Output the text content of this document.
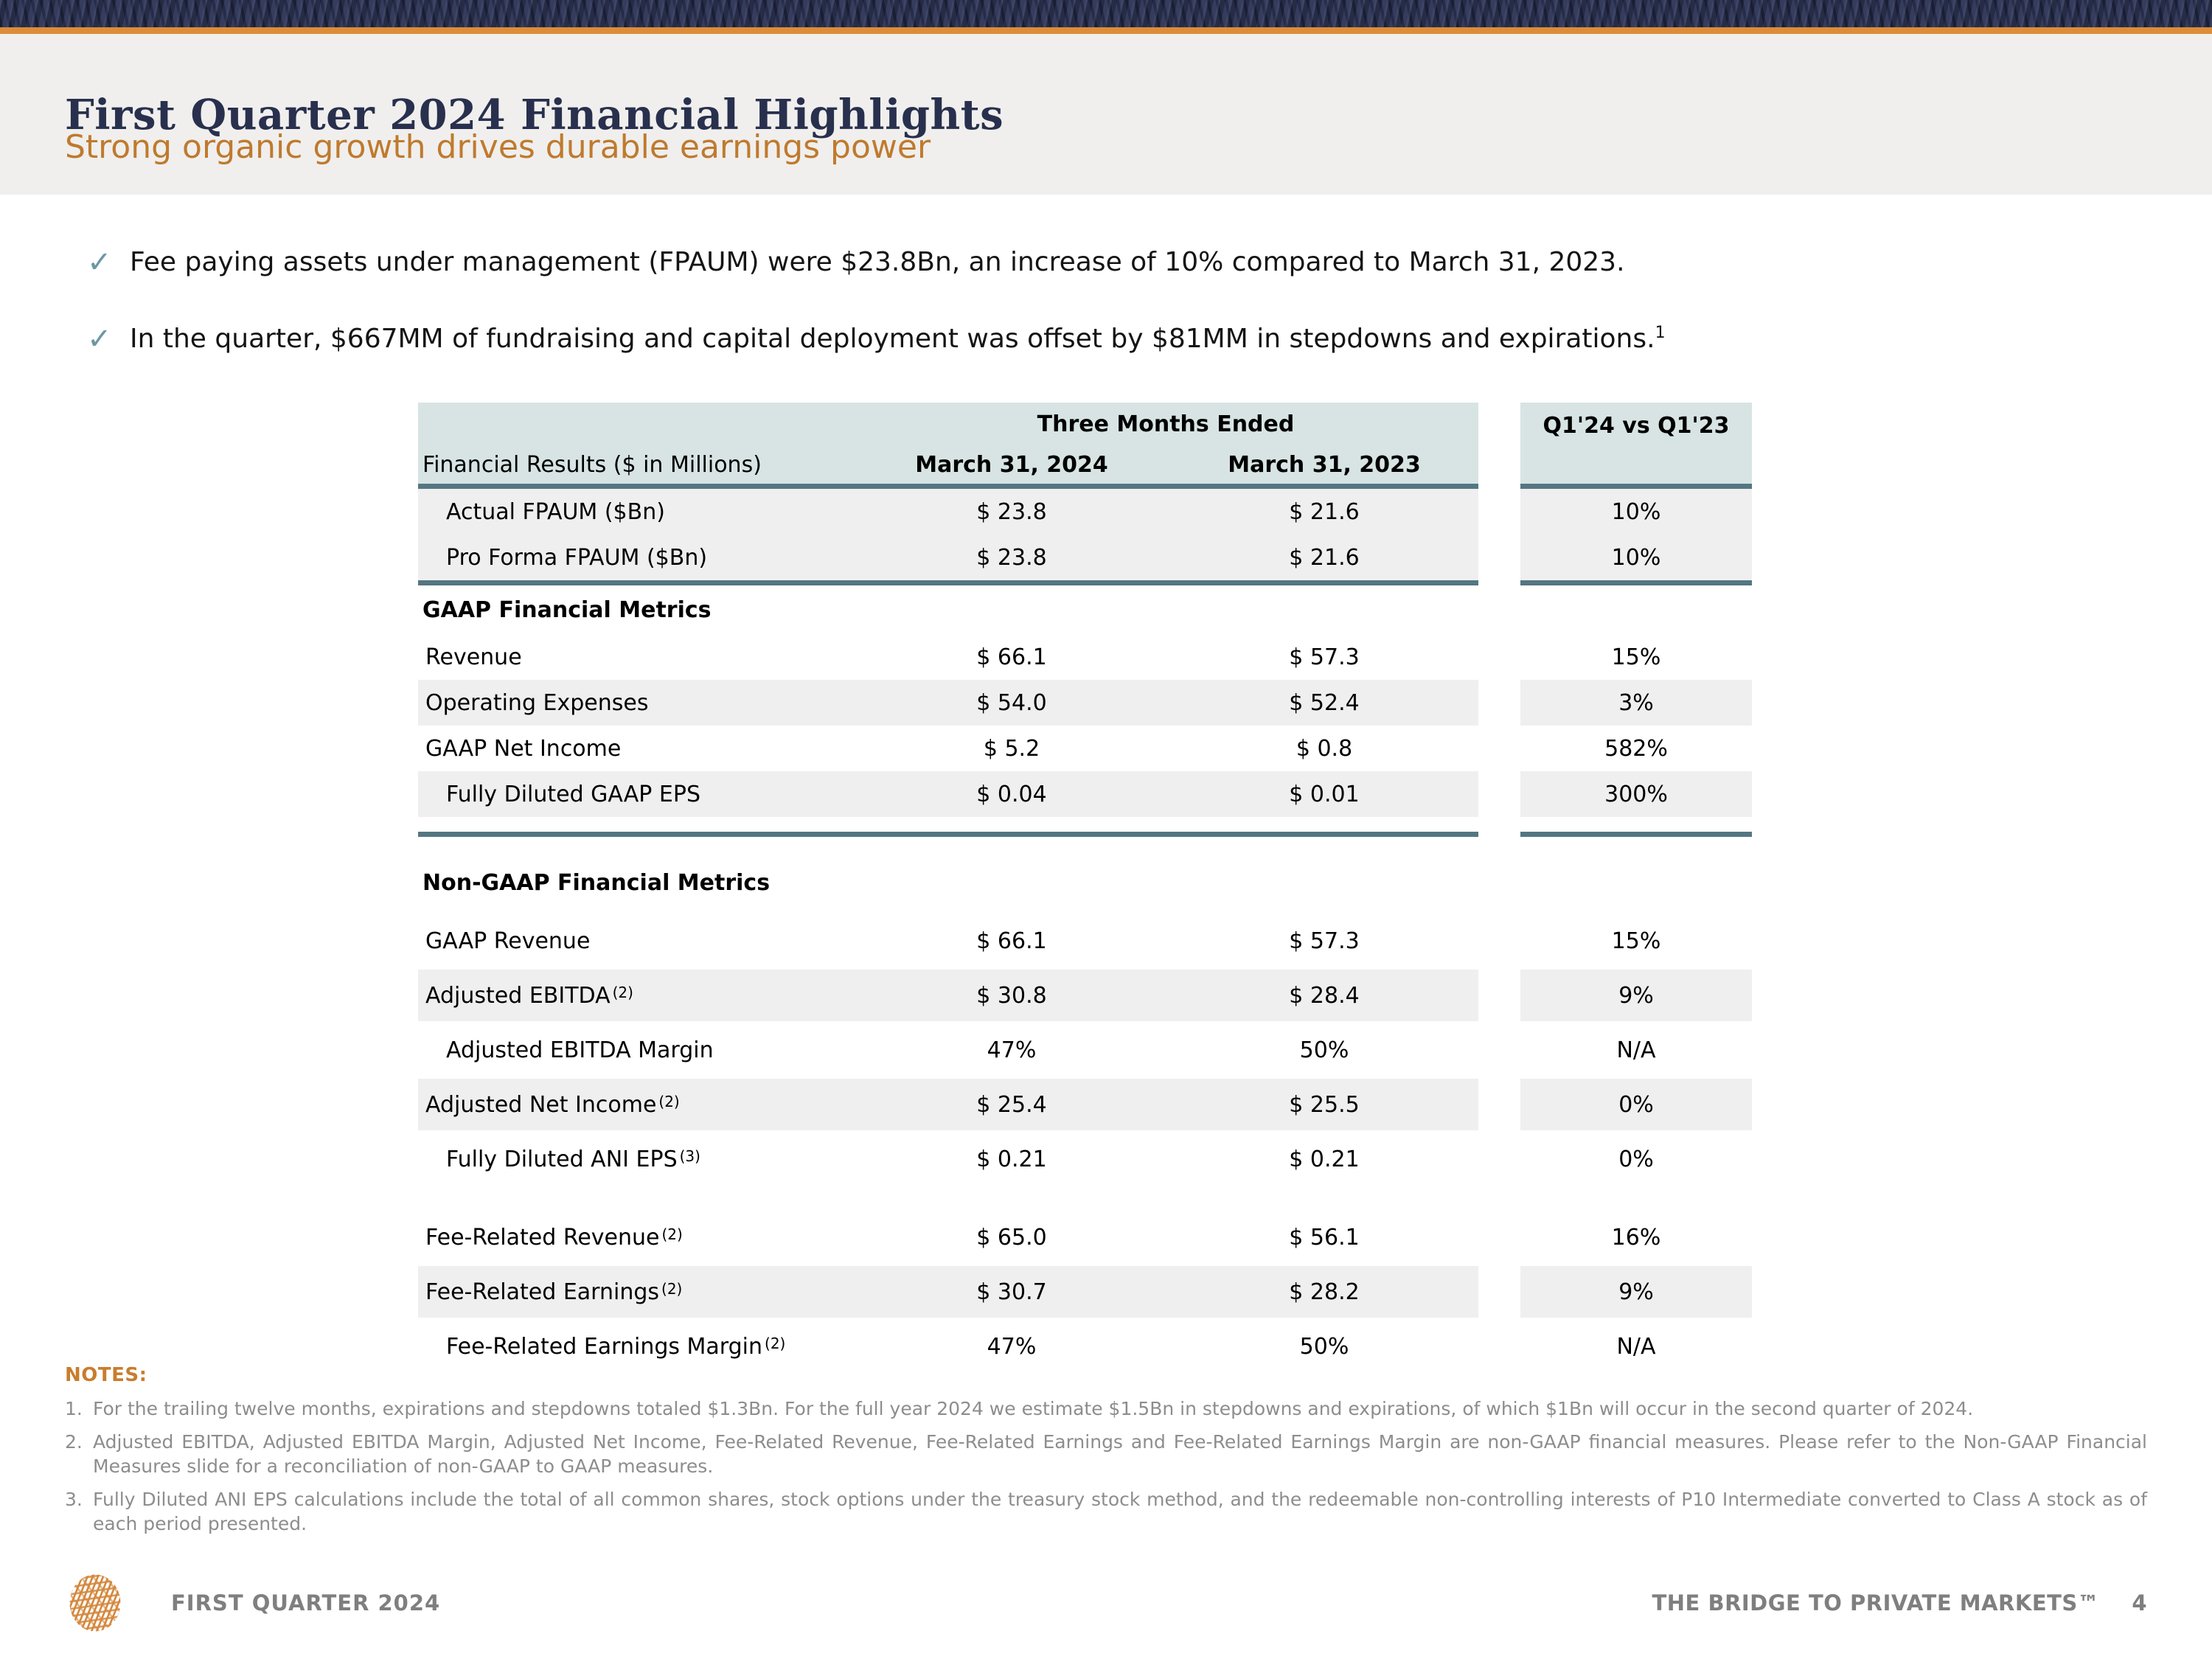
First Quarter 2024 Financial Highlights
Strong organic growth drives durable earnings power
✓ Fee paying assets under management (FPAUM) were $23.8Bn, an increase of 10% compared to March 31, 2023.
✓ In the quarter, $667MM of fundraising and capital deployment was offset by $81MM in stepdowns and expirations.$^1$
Three Months Ended
Financial Results ($ in Millions)	March 31, 2024	March 31, 2023
Q1'24 vs Q1'23
Actual FPAUM ($Bn)	$ 23.8	$ 21.6	10%
Pro Forma FPAUM ($Bn)	$ 23.8	$ 21.6	10%
GAAP Financial Metrics
Revenue	$ 66.1	$ 57.3	15%
Operating Expenses	$ 54.0	$ 52.4	3%
GAAP Net Income	$ 5.2	$ 0.8	582%
Fully Diluted GAAP EPS	$ 0.04	$ 0.01	300%
Non-GAAP Financial Metrics
GAAP Revenue	$ 66.1	$ 57.3	15%
Adjusted EBITDA$^{(2)}$	$ 30.8	$ 28.4	9%
Adjusted EBITDA Margin	47%	50%	N/A
Adjusted Net Income$^{(2)}$	$ 25.4	$ 25.5	0%
Fully Diluted ANI EPS$^{(3)}$	$ 0.21	$ 0.21	0%
Fee-Related Revenue$^{(2)}$	$ 65.0	$ 56.1	16%
Fee-Related Earnings$^{(2)}$	$ 30.7	$ 28.2	9%
Fee-Related Earnings Margin$^{(2)}$	47%	50%	N/A
NOTES:
1. For the trailing twelve months, expirations and stepdowns totaled $1.3Bn. For the full year 2024 we estimate $1.5Bn in stepdowns and expirations, of which $1Bn will occur in the second quarter of 2024.
2. Adjusted EBITDA, Adjusted EBITDA Margin, Adjusted Net Income, Fee-Related Revenue, Fee-Related Earnings and Fee-Related Earnings Margin are non-GAAP financial measures. Please refer to the Non-GAAP Financial Measures slide for a reconciliation of non-GAAP to GAAP measures.
3. Fully Diluted ANI EPS calculations include the total of all common shares, stock options under the treasury stock method, and the redeemable non-controlling interests of P10 Intermediate converted to Class A stock as of each period presented.
FIRST QUARTER 2024	THE BRIDGE TO PRIVATE MARKETS™ 4
